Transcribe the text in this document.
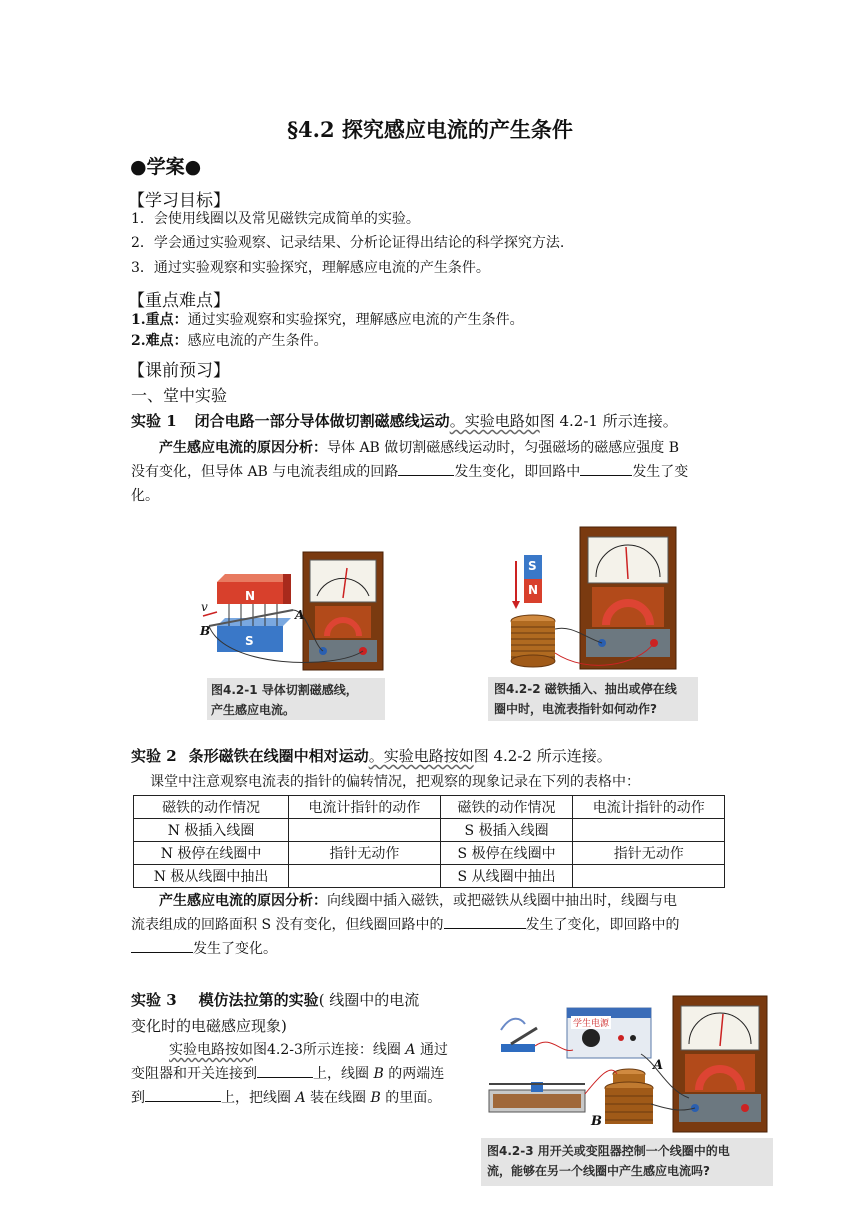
§4.2 探究感应电流的产生条件
●学案●
【学习目标】
1．会使用线圈以及常见磁铁完成简单的实验。
2．学会通过实验观察、记录结果、分析论证得出结论的科学探究方法.
3．通过实验观察和实验探究，理解感应电流的产生条件。
【重点难点】
1.重点：通过实验观察和实验探究，理解感应电流的产生条件。
2.难点：感应电流的产生条件。
【课前预习】
一、堂中实验
实验 1 闭合电路一部分导体做切割磁感线运动。实验电路如图 4.2-1 所示连接。
产生感应电流的原因分析：导体 AB 做切割磁感线运动时，匀强磁场的磁感应强度 B
没有变化，但导体 AB 与电流表组成的回路	发生变化，即回路中	发生了变
化。
N
S
v
A
B
图4.2-1 导体切割磁感线，
产生感应电流。
S
N
图4.2-2 磁铁插入、抽出或停在线
圈中时，电流表指针如何动作?
实验 2 条形磁铁在线圈中相对运动。实验电路按如图 4.2-2 所示连接。
课堂中注意观察电流表的指针的偏转情况，把观察的现象记录在下列的表格中：
磁铁的动作情况	电流计指针的动作	磁铁的动作情况	电流计指针的动作
N 极插入线圈		S 极插入线圈	
N 极停在线圈中	指针无动作	S 极停在线圈中	指针无动作
N 极从线圈中抽出		S 从线圈中抽出	
产生感应电流的原因分析：向线圈中插入磁铁，或把磁铁从线圈中抽出时，线圈与电
流表组成的回路面积 S 没有变化，但线圈回路中的	发生了变化，即回路中的
发生了变化。
实验 3 模仿法拉第的实验( 线圈中的电流
变化时的电磁感应现象)
实验电路按如图4.2-3所示连接：线圈 A 通过
变阻器和开关连接到	上，线圈 B 的两端连
到	上，把线圈 A 装在线圈 B 的里面。
学生电源
A
B
图4.2-3 用开关或变阻器控制一个线圈中的电
流，能够在另一个线圈中产生感应电流吗?
